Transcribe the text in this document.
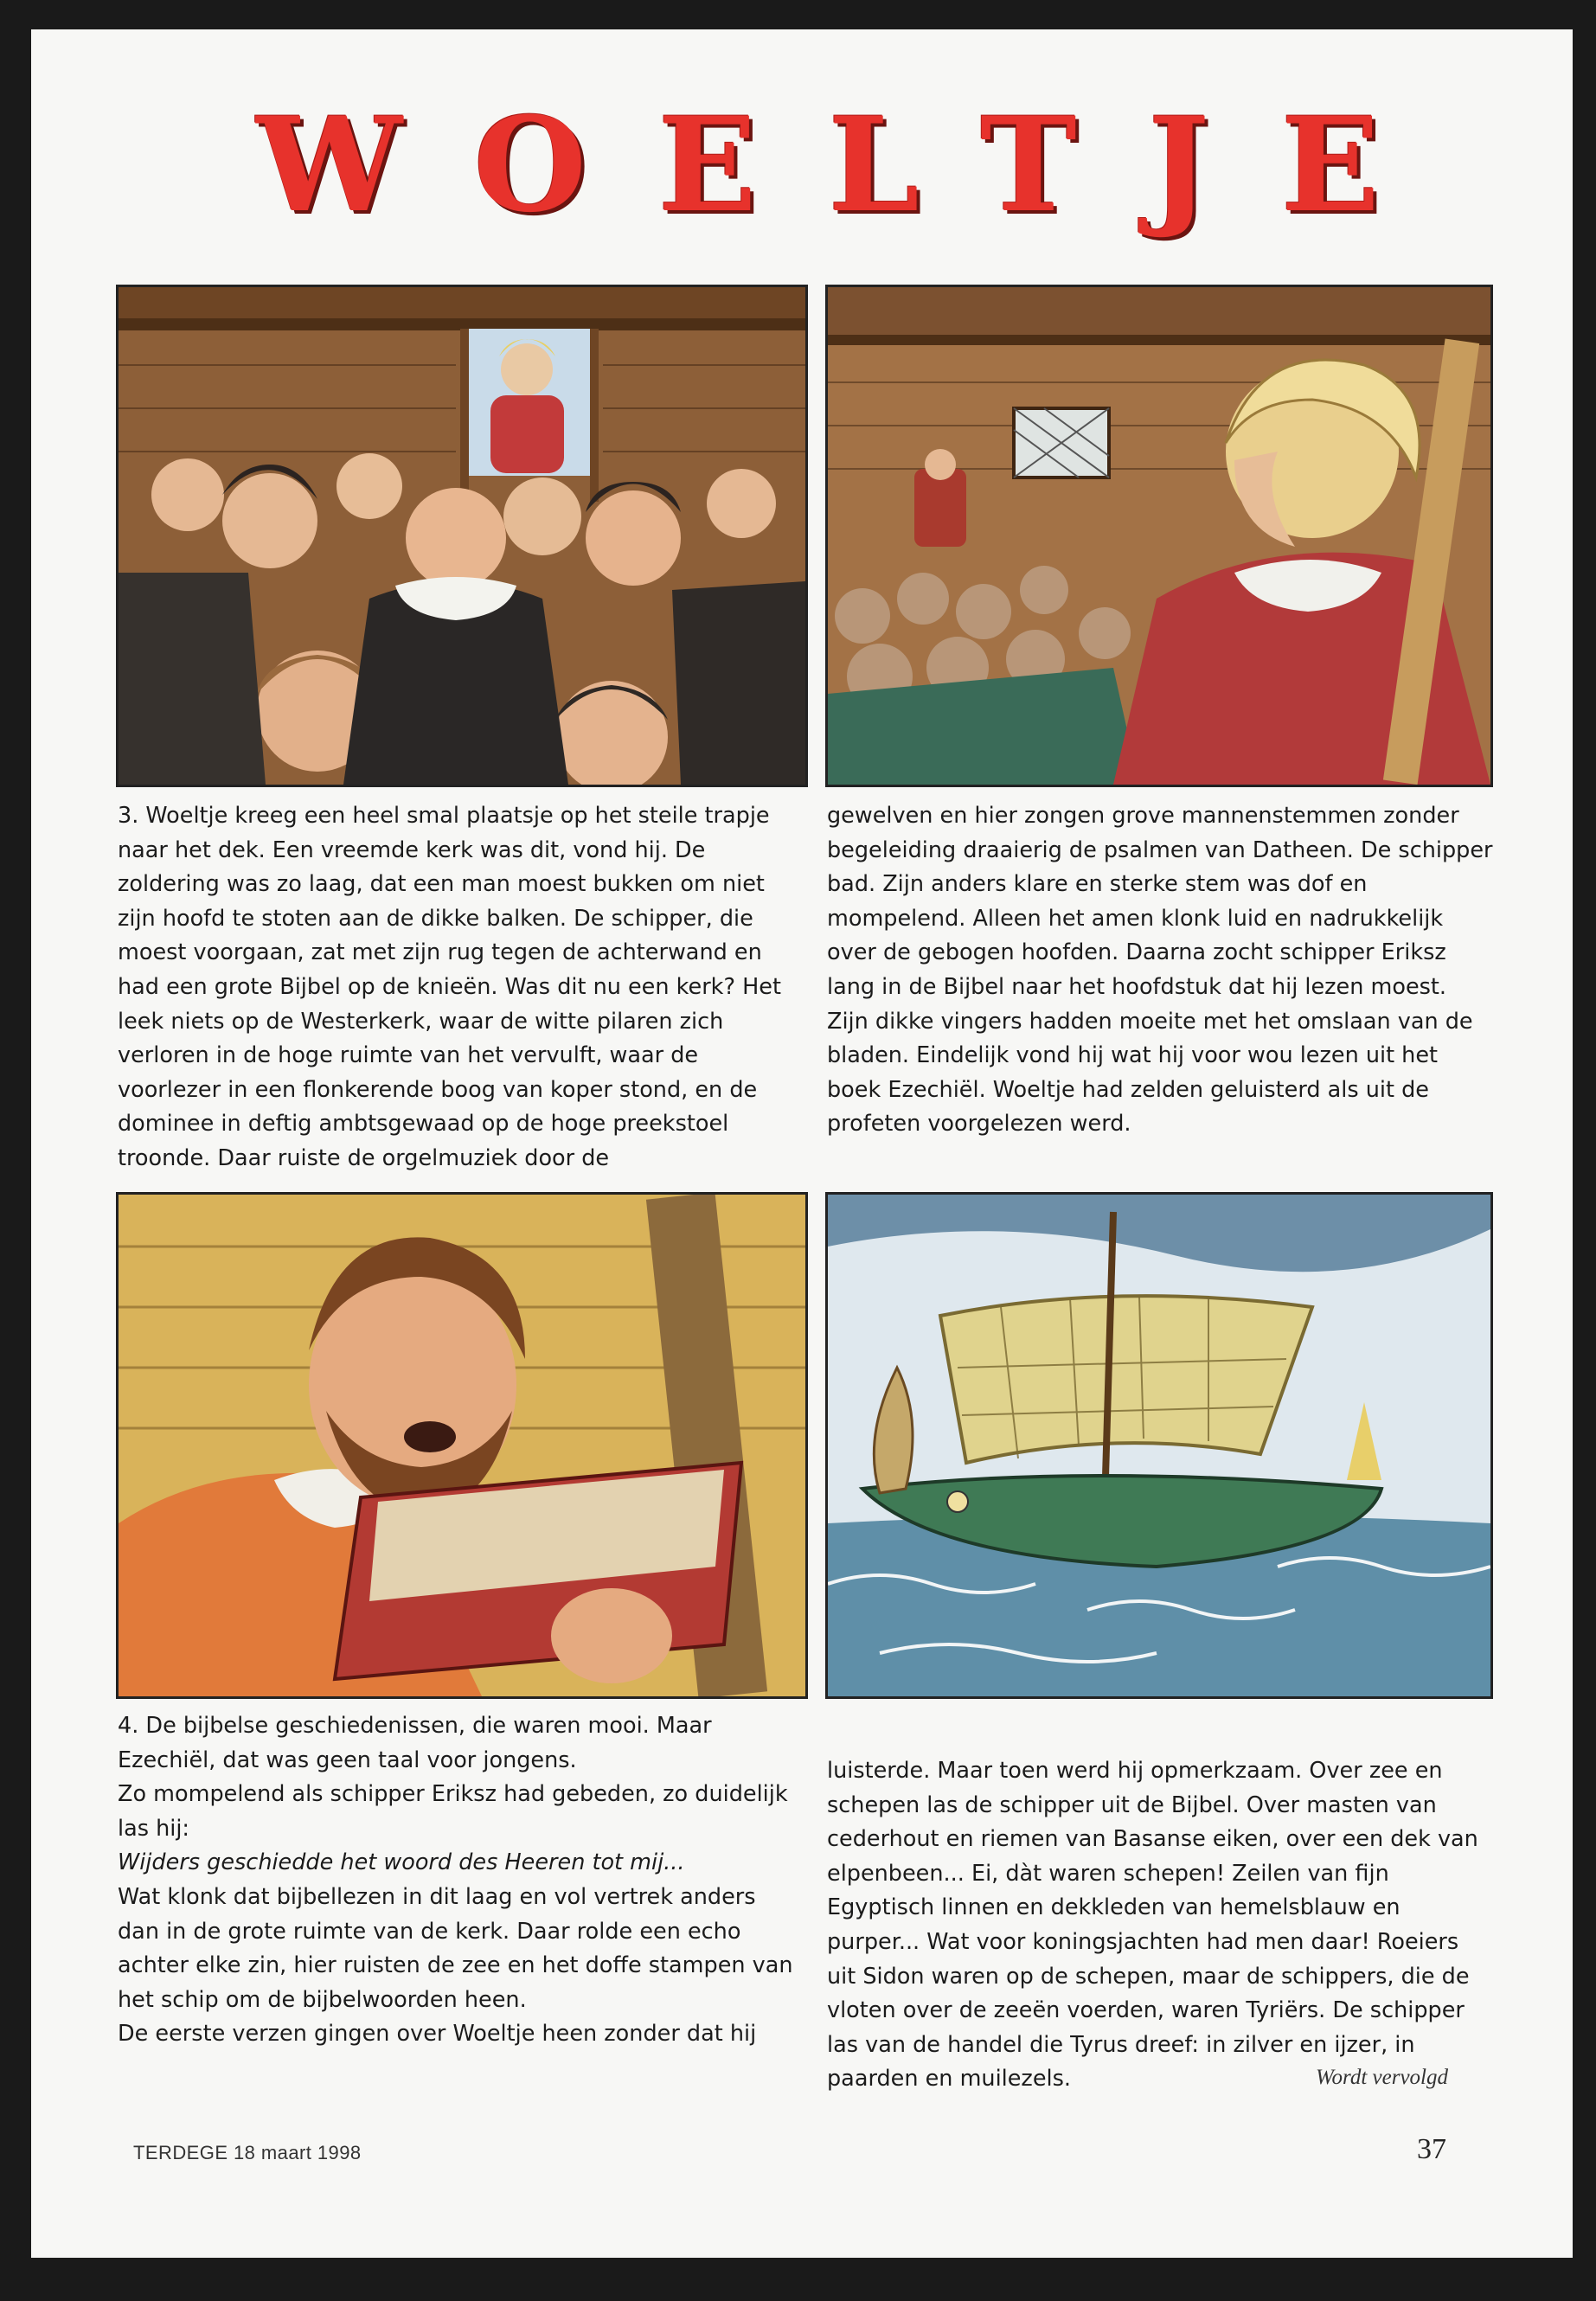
WOELTJE

3. Woeltje kreeg een heel smal plaatsje op het steile trapje naar het dek. Een vreemde kerk was dit, vond hij. De zoldering was zo laag, dat een man moest bukken om niet zijn hoofd te stoten aan de dikke balken. De schipper, die moest voorgaan, zat met zijn rug tegen de achterwand en had een grote Bijbel op de knieën. Was dit nu een kerk? Het leek niets op de Westerkerk, waar de witte pilaren zich verloren in de hoge ruimte van het vervulft, waar de voorlezer in een flonkerende boog van koper stond, en de dominee in deftig ambtsgewaad op de hoge preekstoel troonde. Daar ruiste de orgelmuziek door de

gewelven en hier zongen grove mannenstemmen zonder begeleiding draaierig de psalmen van Datheen. De schipper bad. Zijn anders klare en sterke stem was dof en mompelend. Alleen het amen klonk luid en nadrukkelijk over de gebogen hoofden. Daarna zocht schipper Eriksz lang in de Bijbel naar het hoofdstuk dat hij lezen moest. Zijn dikke vingers hadden moeite met het omslaan van de bladen. Eindelijk vond hij wat hij voor wou lezen uit het boek Ezechiël. Woeltje had zelden geluisterd als uit de profeten voorgelezen werd.

4. De bijbelse geschiedenissen, die waren mooi. Maar Ezechiël, dat was geen taal voor jongens.

Zo mompelend als schipper Eriksz had gebeden, zo duidelijk las hij:

Wijders geschiedde het woord des Heeren tot mij...

Wat klonk dat bijbellezen in dit laag en vol vertrek anders dan in de grote ruimte van de kerk. Daar rolde een echo achter elke zin, hier ruisten de zee en het doffe stampen van het schip om de bijbelwoorden heen.

De eerste verzen gingen over Woeltje heen zonder dat hij

luisterde. Maar toen werd hij opmerkzaam. Over zee en schepen las de schipper uit de Bijbel. Over masten van cederhout en riemen van Basanse eiken, over een dek van elpenbeen... Ei, dàt waren schepen! Zeilen van fijn Egyptisch linnen en dekkleden van hemelsblauw en purper... Wat voor koningsjachten had men daar! Roeiers uit Sidon waren op de schepen, maar de schippers, die de vloten over de zeeën voerden, waren Tyriërs. De schipper las van de handel die Tyrus dreef: in zilver en ijzer, in paarden en muilezels.	Wordt vervolgd
TERDEGE 18 maart 1998	37
